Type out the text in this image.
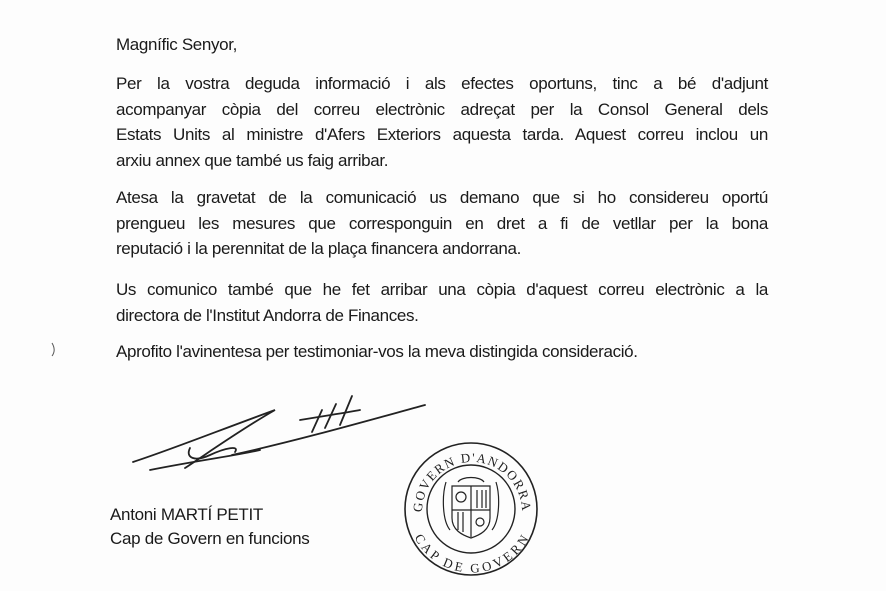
Magnífic Senyor,
Per la vostra deguda informació i als efectes oportuns, tinc a bé d'adjunt
acompanyar còpia del correu electrònic adreçat per la Consol General dels
Estats Units al ministre d'Afers Exteriors aquesta tarda. Aquest correu inclou un
arxiu annex que també us faig arribar.
Atesa la gravetat de la comunicació us demano que si ho considereu oportú
prengueu les mesures que corresponguin en dret a fi de vetllar per la bona
reputació i la perennitat de la plaça financera andorrana.
Us comunico també que he fet arribar una còpia d'aquest correu electrònic a la
directora de l'Institut Andorra de Finances.
Aprofito l'avinentesa per testimoniar-vos la meva distingida consideració.
Antoni MARTÍ PETIT
Cap de Govern en funcions
GOVERN D'ANDORRA
CAP DE GOVERN
